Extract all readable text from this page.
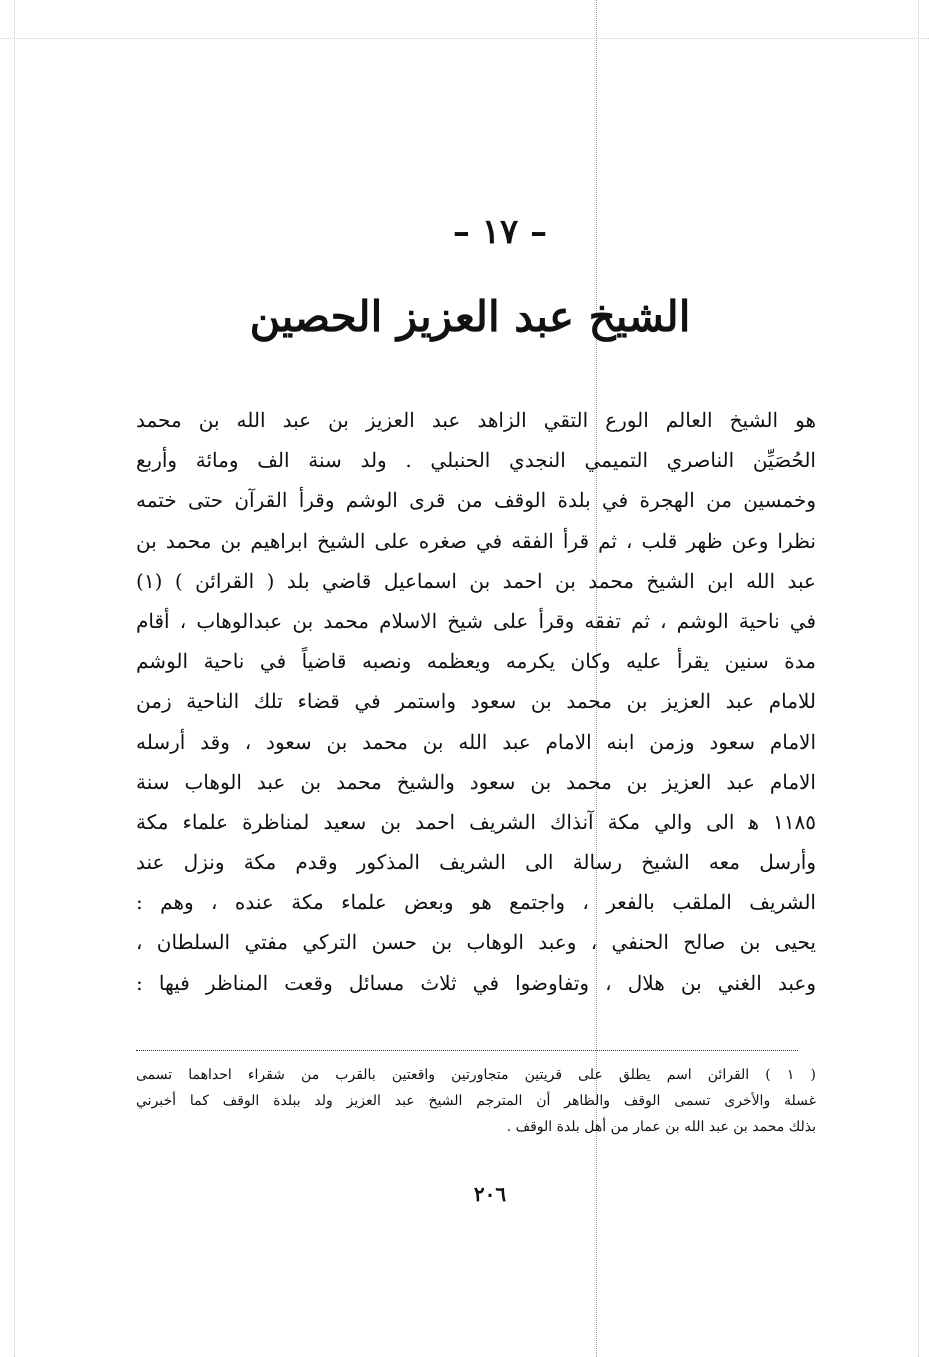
– ١٧ –
الشيخ عبد العزيز الحصين
هو الشيخ العالم الورع التقي الزاهد عبد العزيز بن عبد الله بن محمد
الحُصَيِّن الناصري التميمي النجدي الحنبلي . ولد سنة الف ومائة وأربع
وخمسين من الهجرة في بلدة الوقف من قرى الوشم وقرأ القرآن حتى ختمه
نظرا وعن ظهر قلب ، ثم قرأ الفقه في صغره على الشيخ ابراهيم بن محمد بن
عبد الله ابن الشيخ محمد بن احمد بن اسماعيل قاضي بلد ( القرائن ) (١)
في ناحية الوشم ، ثم تفقه وقرأ على شيخ الاسلام محمد بن عبدالوهاب ، أقام
مدة سنين يقرأ عليه وكان يكرمه ويعظمه ونصبه قاضياً في ناحية الوشم
للامام عبد العزيز بن محمد بن سعود واستمر في قضاء تلك الناحية زمن
الامام سعود وزمن ابنه الامام عبد الله بن محمد بن سعود ، وقد أرسله
الامام عبد العزيز بن محمد بن سعود والشيخ محمد بن عبد الوهاب سنة
١١٨٥ ﻫ الى والي مكة آنذاك الشريف احمد بن سعيد لمناظرة علماء مكة
وأرسل معه الشيخ رسالة الى الشريف المذكور وقدم مكة ونزل عند
الشريف الملقب بالفعر ، واجتمع هو وبعض علماء مكة عنده ، وهم :
يحيى بن صالح الحنفي ، وعبد الوهاب بن حسن التركي مفتي السلطان ،
وعبد الغني بن هلال ، وتفاوضوا في ثلاث مسائل وقعت المناظر فيها :
( ١ ) القرائن اسم يطلق على قريتين متجاورتين واقعتين بالقرب من شقراء احداهما تسمى
غسلة والأخرى تسمى الوقف والظاهر أن المترجم الشيخ عبد العزيز ولد ببلدة الوقف كما أخبرني
بذلك محمد بن عبد الله بن عمار من أهل بلدة الوقف .
٢٠٦
